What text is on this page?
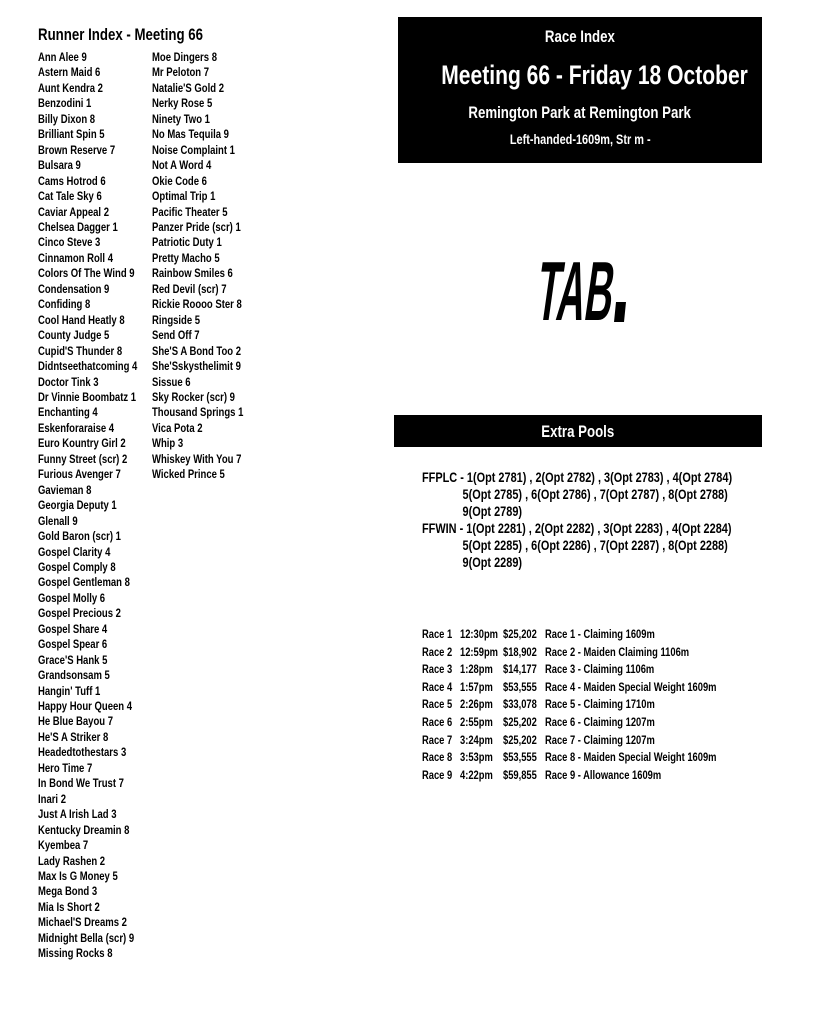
Runner Index - Meeting 66
Ann Alee 9
Astern Maid 6
Aunt Kendra 2
Benzodini 1
Billy Dixon 8
Brilliant Spin 5
Brown Reserve 7
Bulsara 9
Cams Hotrod 6
Cat Tale Sky 6
Caviar Appeal 2
Chelsea Dagger 1
Cinco Steve 3
Cinnamon Roll 4
Colors Of The Wind 9
Condensation 9
Confiding 8
Cool Hand Heatly 8
County Judge 5
Cupid'S Thunder 8
Didntseethatcoming 4
Doctor Tink 3
Dr Vinnie Boombatz 1
Enchanting 4
Eskenforaraise 4
Euro Kountry Girl 2
Funny Street (scr) 2
Furious Avenger 7
Gavieman 8
Georgia Deputy 1
Glenall 9
Gold Baron (scr) 1
Gospel Clarity 4
Gospel Comply 8
Gospel Gentleman 8
Gospel Molly 6
Gospel Precious 2
Gospel Share 4
Gospel Spear 6
Grace'S Hank 5
Grandsonsam 5
Hangin' Tuff 1
Happy Hour Queen 4
He Blue Bayou 7
He'S A Striker 8
Headedtothestars 3
Hero Time 7
In Bond We Trust 7
Inari 2
Just A Irish Lad 3
Kentucky Dreamin 8
Kyembea 7
Lady Rashen 2
Max Is G Money 5
Mega Bond 3
Mia Is Short 2
Michael'S Dreams 2
Midnight Bella (scr) 9
Missing Rocks 8
Moe Dingers 8
Mr Peloton 7
Natalie'S Gold 2
Nerky Rose 5
Ninety Two 1
No Mas Tequila 9
Noise Complaint 1
Not A Word 4
Okie Code 6
Optimal Trip 1
Pacific Theater 5
Panzer Pride (scr) 1
Patriotic Duty 1
Pretty Macho 5
Rainbow Smiles 6
Red Devil (scr) 7
Rickie Roooo Ster 8
Ringside 5
Send Off 7
She'S A Bond Too 2
She'Sskysthelimit 9
Sissue 6
Sky Rocker (scr) 9
Thousand Springs 1
Vica Pota 2
Whip 3
Whiskey With You 7
Wicked Prince 5
Race Index
Meeting 66 - Friday 18 October
Remington Park at Remington Park
Left-handed-1609m, Str m -
TAB
Extra Pools
FFPLC - 1(Opt 2781) , 2(Opt 2782) , 3(Opt 2783) , 4(Opt 2784)
5(Opt 2785) , 6(Opt 2786) , 7(Opt 2787) , 8(Opt 2788)
9(Opt 2789)
FFWIN - 1(Opt 2281) , 2(Opt 2282) , 3(Opt 2283) , 4(Opt 2284)
5(Opt 2285) , 6(Opt 2286) , 7(Opt 2287) , 8(Opt 2288)
9(Opt 2289)
Race 1 12:30pm $25,202 Race 1 - Claiming 1609m
Race 2 12:59pm $18,902 Race 2 - Maiden Claiming 1106m
Race 3 1:28pm $14,177 Race 3 - Claiming 1106m
Race 4 1:57pm $53,555 Race 4 - Maiden Special Weight 1609m
Race 5 2:26pm $33,078 Race 5 - Claiming 1710m
Race 6 2:55pm $25,202 Race 6 - Claiming 1207m
Race 7 3:24pm $25,202 Race 7 - Claiming 1207m
Race 8 3:53pm $53,555 Race 8 - Maiden Special Weight 1609m
Race 9 4:22pm $59,855 Race 9 - Allowance 1609m
